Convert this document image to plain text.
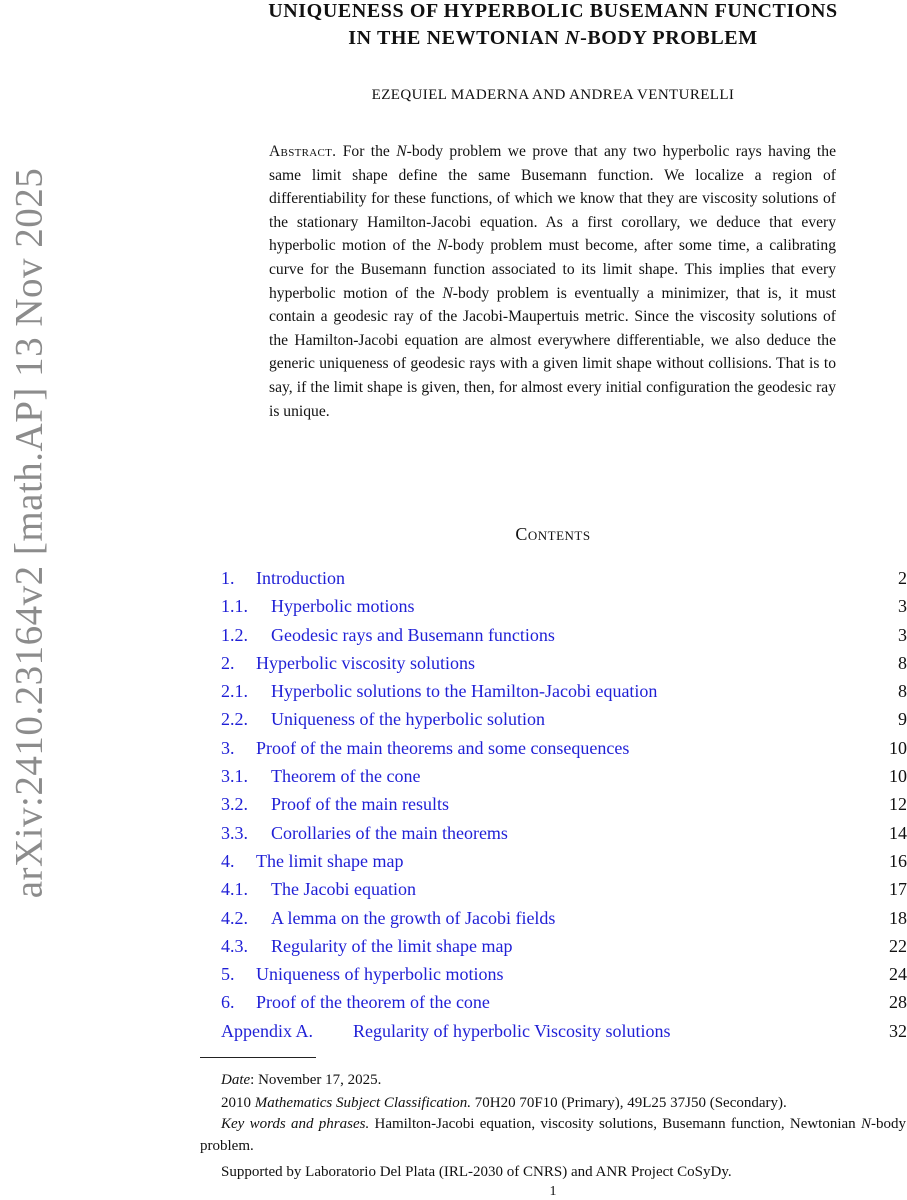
arXiv:2410.23164v2 [math.AP] 13 Nov 2025
UNIQUENESS OF HYPERBOLIC BUSEMANN FUNCTIONS
IN THE NEWTONIAN N-BODY PROBLEM
EZEQUIEL MADERNA AND ANDREA VENTURELLI
Abstract. For the N-body problem we prove that any two hyperbolic rays having the same limit shape define the same Busemann function. We localize a region of differentiability for these functions, of which we know that they are viscosity solutions of the stationary Hamilton-Jacobi equation. As a first corollary, we deduce that every hyperbolic motion of the N-body problem must become, after some time, a calibrating curve for the Busemann function associated to its limit shape. This implies that every hyperbolic motion of the N-body problem is eventually a minimizer, that is, it must contain a geodesic ray of the Jacobi-Maupertuis metric. Since the viscosity solutions of the Hamilton-Jacobi equation are almost everywhere differentiable, we also deduce the generic uniqueness of geodesic rays with a given limit shape without collisions. That is to say, if the limit shape is given, then, for almost every initial configuration the geodesic ray is unique.
Contents
1. Introduction	2
1.1. Hyperbolic motions	3
1.2. Geodesic rays and Busemann functions	3
2. Hyperbolic viscosity solutions	8
2.1. Hyperbolic solutions to the Hamilton-Jacobi equation	8
2.2. Uniqueness of the hyperbolic solution	9
3. Proof of the main theorems and some consequences	10
3.1. Theorem of the cone	10
3.2. Proof of the main results	12
3.3. Corollaries of the main theorems	14
4. The limit shape map	16
4.1. The Jacobi equation	17
4.2. A lemma on the growth of Jacobi fields	18
4.3. Regularity of the limit shape map	22
5. Uniqueness of hyperbolic motions	24
6. Proof of the theorem of the cone	28
Appendix A. Regularity of hyperbolic Viscosity solutions	32

Date: November 17, 2025.

2010 Mathematics Subject Classification. 70H20 70F10 (Primary), 49L25 37J50 (Secondary).

Key words and phrases. Hamilton-Jacobi equation, viscosity solutions, Busemann function, Newtonian N-body problem.

Supported by Laboratorio Del Plata (IRL-2030 of CNRS) and ANR Project CoSyDy.

1
